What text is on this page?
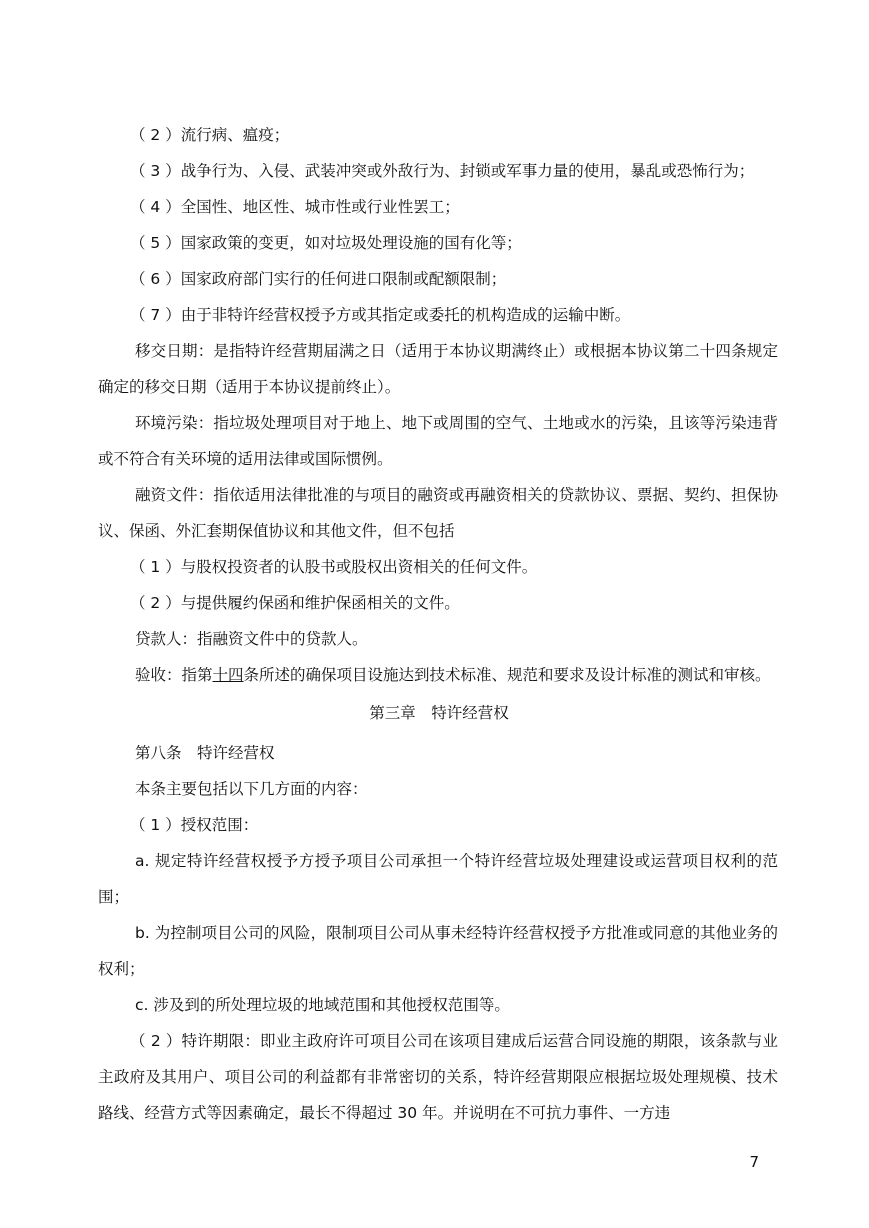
（ 2 ）流行病、瘟疫；

（ 3 ）战争行为、入侵、武装冲突或外敌行为、封锁或军事力量的使用，暴乱或恐怖行为；

（ 4 ）全国性、地区性、城市性或行业性罢工；

（ 5 ）国家政策的变更，如对垃圾处理设施的国有化等；

（ 6 ）国家政府部门实行的任何进口限制或配额限制；

（ 7 ）由于非特许经营权授予方或其指定或委托的机构造成的运输中断。

移交日期：是指特许经营期届满之日（适用于本协议期满终止）或根据本协议第二十四条规定确定的移交日期（适用于本协议提前终止）。

环境污染：指垃圾处理项目对于地上、地下或周围的空气、土地或水的污染，且该等污染违背或不符合有关环境的适用法律或国际惯例。

融资文件：指依适用法律批准的与项目的融资或再融资相关的贷款协议、票据、契约、担保协议、保函、外汇套期保值协议和其他文件，但不包括

（ 1 ）与股权投资者的认股书或股权出资相关的任何文件。

（ 2 ）与提供履约保函和维护保函相关的文件。

贷款人：指融资文件中的贷款人。

验收：指第十四条所述的确保项目设施达到技术标准、规范和要求及设计标准的测试和审核。

第三章　特许经营权

第八条　特许经营权

本条主要包括以下几方面的内容：

（ 1 ）授权范围：

a. 规定特许经营权授予方授予项目公司承担一个特许经营垃圾处理建设或运营项目权利的范围；

b. 为控制项目公司的风险，限制项目公司从事未经特许经营权授予方批准或同意的其他业务的权利；

c. 涉及到的所处理垃圾的地域范围和其他授权范围等。

（ 2 ）特许期限：即业主政府许可项目公司在该项目建成后运营合同设施的期限，该条款与业主政府及其用户、项目公司的利益都有非常密切的关系，特许经营期限应根据垃圾处理规模、技术路线、经营方式等因素确定，最长不得超过 30 年。并说明在不可抗力事件、一方违

7
